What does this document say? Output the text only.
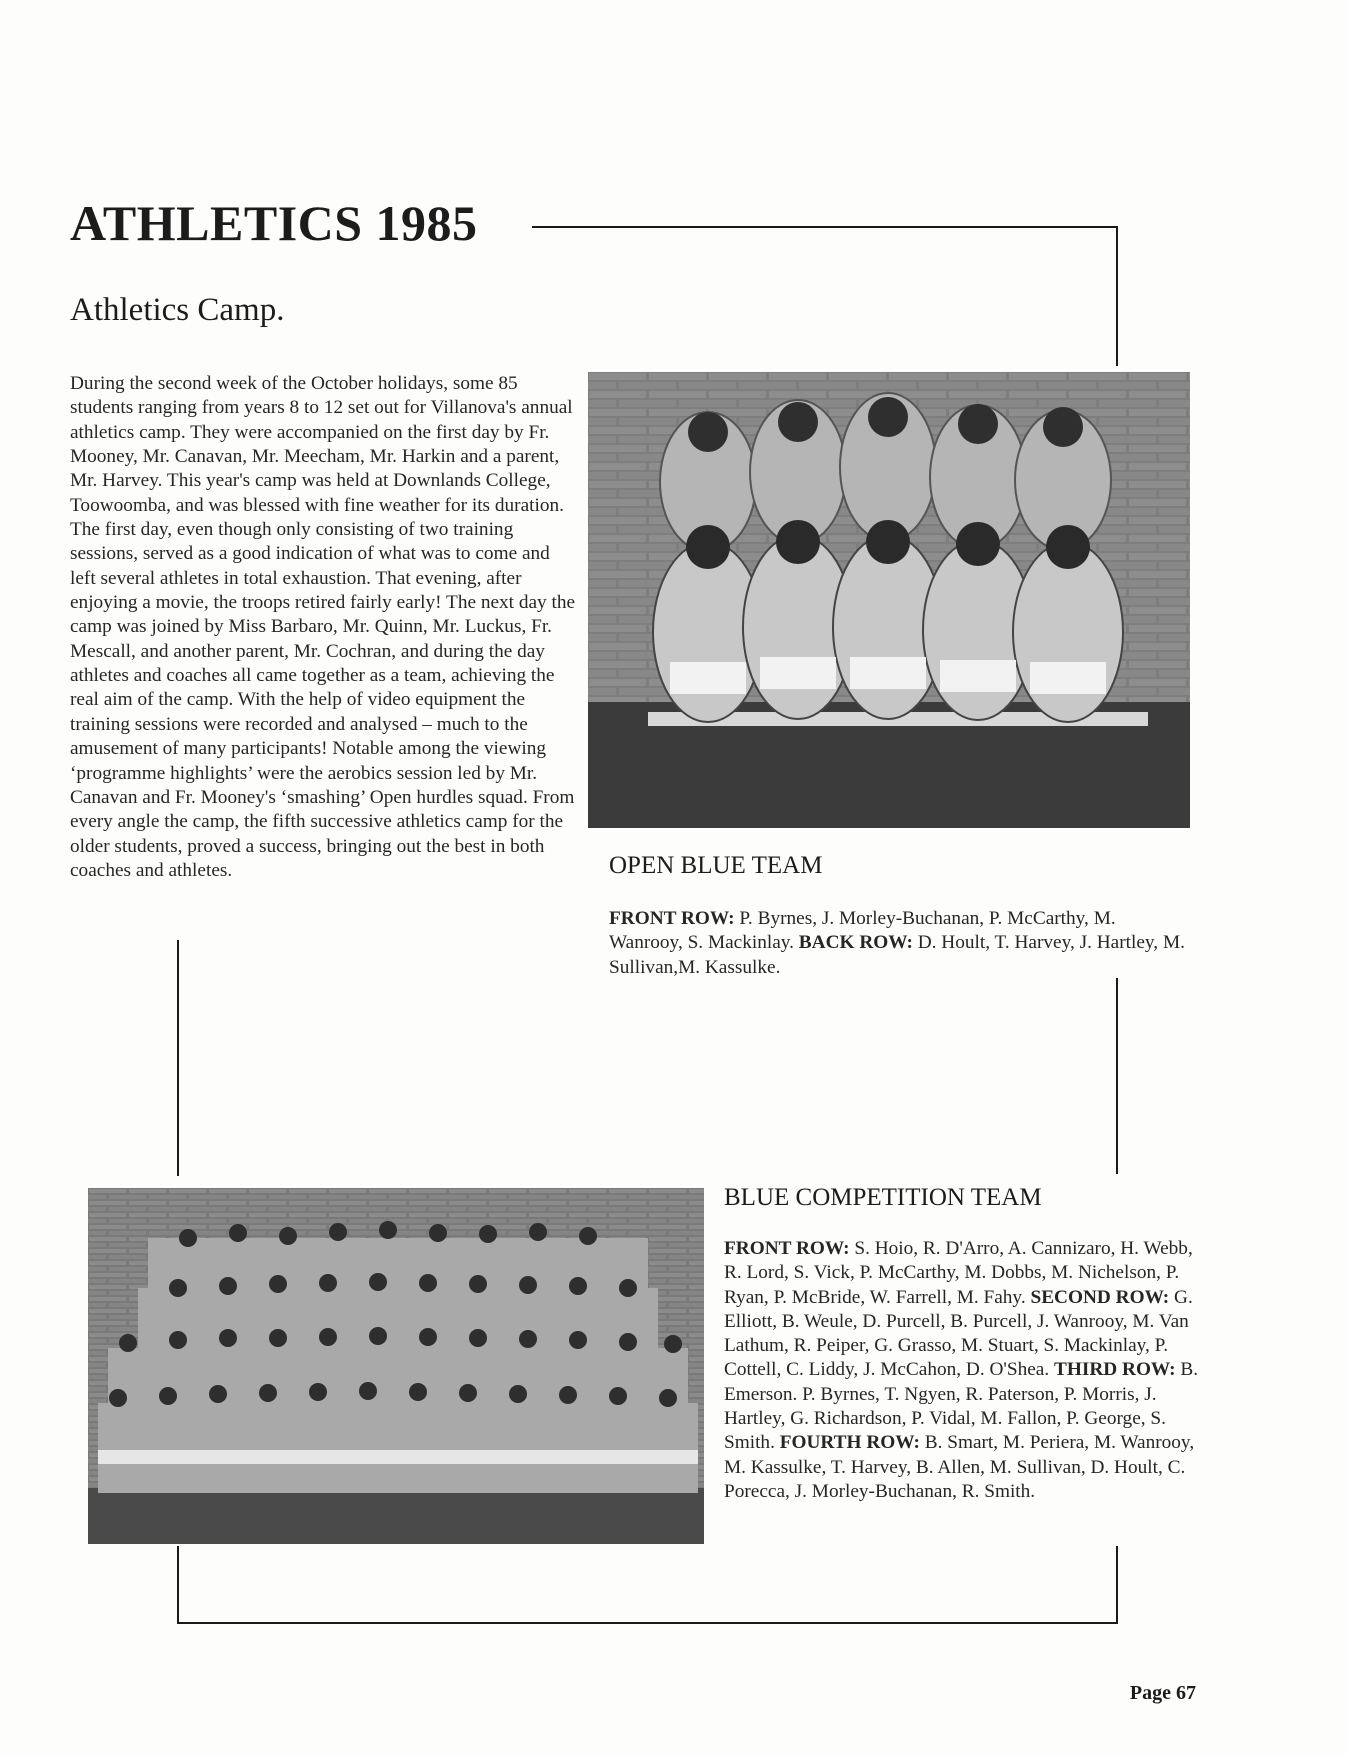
ATHLETICS 1985
Athletics Camp.

During the second week of the October holidays, some 85 students ranging from years 8 to 12 set out for Villanova's annual athletics camp. They were accompanied on the first day by Fr. Mooney, Mr. Canavan, Mr. Meecham, Mr. Harkin and a parent, Mr. Harvey. This year's camp was held at Downlands College, Toowoomba, and was blessed with fine weather for its duration. The first day, even though only consisting of two training sessions, served as a good indication of what was to come and left several athletes in total exhaustion. That evening, after enjoying a movie, the troops retired fairly early! The next day the camp was joined by Miss Barbaro, Mr. Quinn, Mr. Luckus, Fr. Mescall, and another parent, Mr. Cochran, and during the day athletes and coaches all came together as a team, achieving the real aim of the camp. With the help of video equipment the training sessions were recorded and analysed – much to the amusement of many participants! Notable among the viewing ‘programme highlights’ were the aerobics session led by Mr. Canavan and Fr. Mooney's ‘smashing’ Open hurdles squad. From every angle the camp, the fifth successive athletics camp for the older students, proved a success, bringing out the best in both coaches and athletes.	OPEN BLUE TEAM

FRONT ROW: P. Byrnes, J. Morley-Buchanan, P. McCarthy, M. Wanrooy, S. Mackinlay. BACK ROW: D. Hoult, T. Harvey, J. Hartley, M. Sullivan,M. Kassulke.

BLUE COMPETITION TEAM

FRONT ROW: S. Hoio, R. D'Arro, A. Cannizaro, H. Webb, R. Lord, S. Vick, P. McCarthy, M. Dobbs, M. Nichelson, P. Ryan, P. McBride, W. Farrell, M. Fahy. SECOND ROW: G. Elliott, B. Weule, D. Purcell, B. Purcell, J. Wanrooy, M. Van Lathum, R. Peiper, G. Grasso, M. Stuart, S. Mackinlay, P. Cottell, C. Liddy, J. McCahon, D. O'Shea. THIRD ROW: B. Emerson. P. Byrnes, T. Ngyen, R. Paterson, P. Morris, J. Hartley, G. Richardson, P. Vidal, M. Fallon, P. George, S. Smith. FOURTH ROW: B. Smart, M. Periera, M. Wanrooy, M. Kassulke, T. Harvey, B. Allen, M. Sullivan, D. Hoult, C. Porecca, J. Morley-Buchanan, R. Smith.

Page 67
